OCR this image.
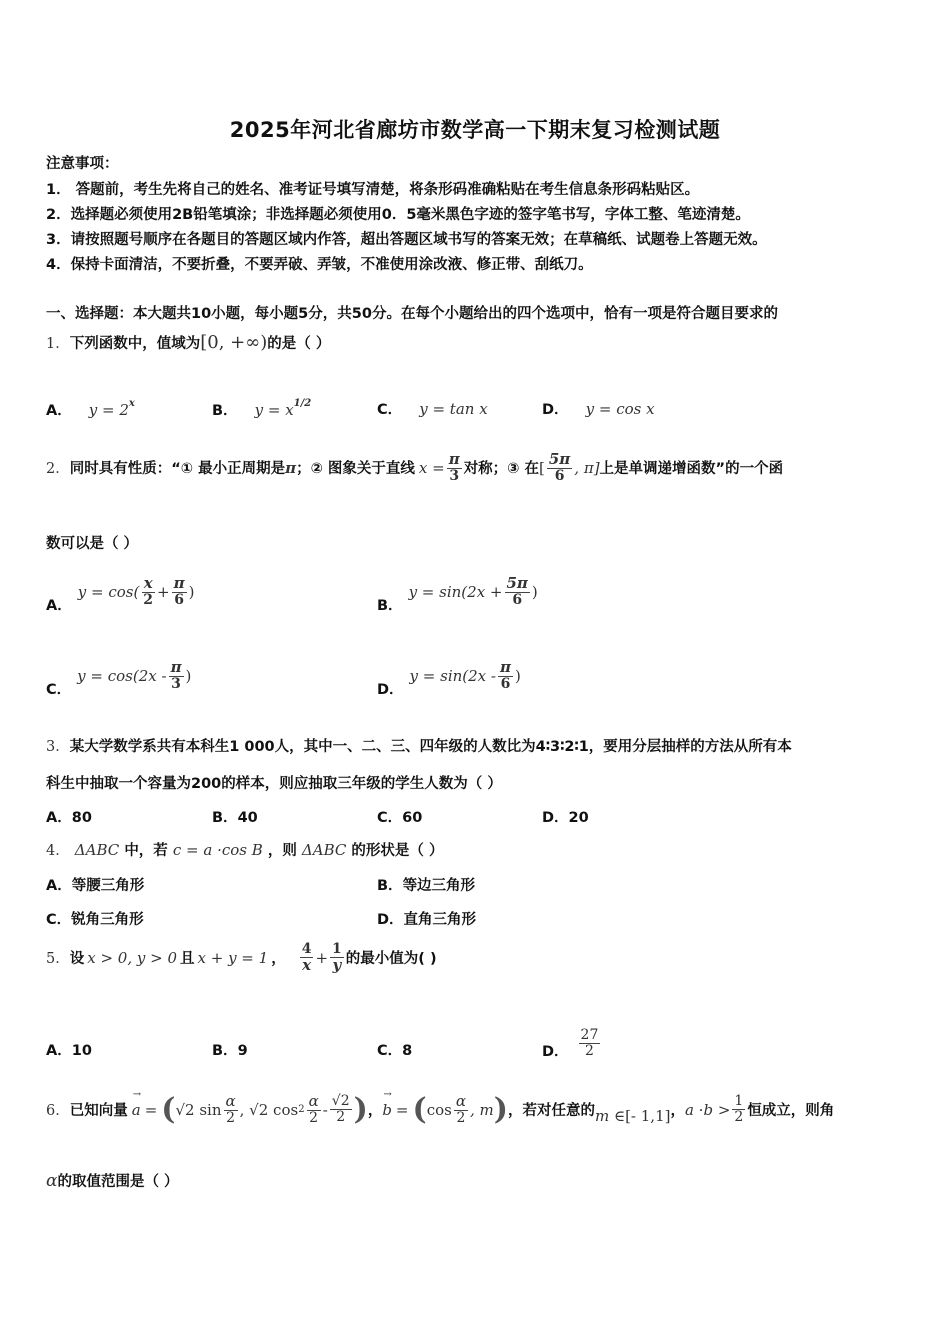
2025年河北省廊坊市数学高一下期末复习检测试题
注意事项：
1． 答题前，考生先将自己的姓名、准考证号填写清楚，将条形码准确粘贴在考生信息条形码粘贴区。
2．选择题必须使用2B铅笔填涂；非选择题必须使用0．5毫米黑色字迹的签字笔书写，字体工整、笔迹清楚。
3．请按照题号顺序在各题目的答题区域内作答，超出答题区域书写的答案无效；在草稿纸、试题卷上答题无效。
4．保持卡面清洁，不要折叠，不要弄破、弄皱，不准使用涂改液、修正带、刮纸刀。
一、选择题：本大题共10小题，每小题5分，共50分。在每个小题给出的四个选项中，恰有一项是符合题目要求的
1． 下列函数中，值域为 [0, +∞) 的是（ ）
A． $y = 2^x$	B． $y = x^{1/2}$	C． y = tan x	D． y = cos x
2． 同时具有性质：“① 最小正周期是 π ；② 图象关于直线 $x = \frac{\pi}{3}$ 对称；③ 在 [ $\frac{5\pi}{6}$ , π] 上是单调递增函数”的一个函
数可以是（ ）
A．
$y = \cos( \frac{x}{2} + \frac{\pi}{6}$ )
B．
$y = \sin(2x + \frac{5\pi}{6}$ )
C．
$y = \cos(2x - \frac{\pi}{3}$ )
D．
$y = \sin(2x - \frac{\pi}{6}$ )
3．某大学数学系共有本科生1 000人，其中一、二、三、四年级的人数比为4∶3∶2∶1，要用分层抽样的方法从所有本
科生中抽取一个容量为200的样本，则应抽取三年级的学生人数为（ ）
A．80	B．40	C．60	D．20
4． ΔABC 中，若 c = a ·cos B ，则 ΔABC 的形状是（ ）
A．等腰三角形	B．等边三角形
C．锐角三角形	D．直角三角形
5． 设 x > 0, y > 0 且 x + y = 1 ， $\frac{4}{x} + \frac{1}{y}$ 的最小值为( )
A．10	B．9	C．8	D． $\frac{27}{2}$
6． 已知向量 → a = ( √2 $\sin \frac{\alpha}{2}$ , √2 $\cos 2 \frac{\alpha}{2} - \frac{√2}{2}$ ) ， → b = ( $\cos \frac{\alpha}{2}$ , m ) ，若对任意的 m ∈ [- 1,1] ， $a \cdot b > \frac{1}{2}$ 恒成立，则角
α的取值范围是（ ）
